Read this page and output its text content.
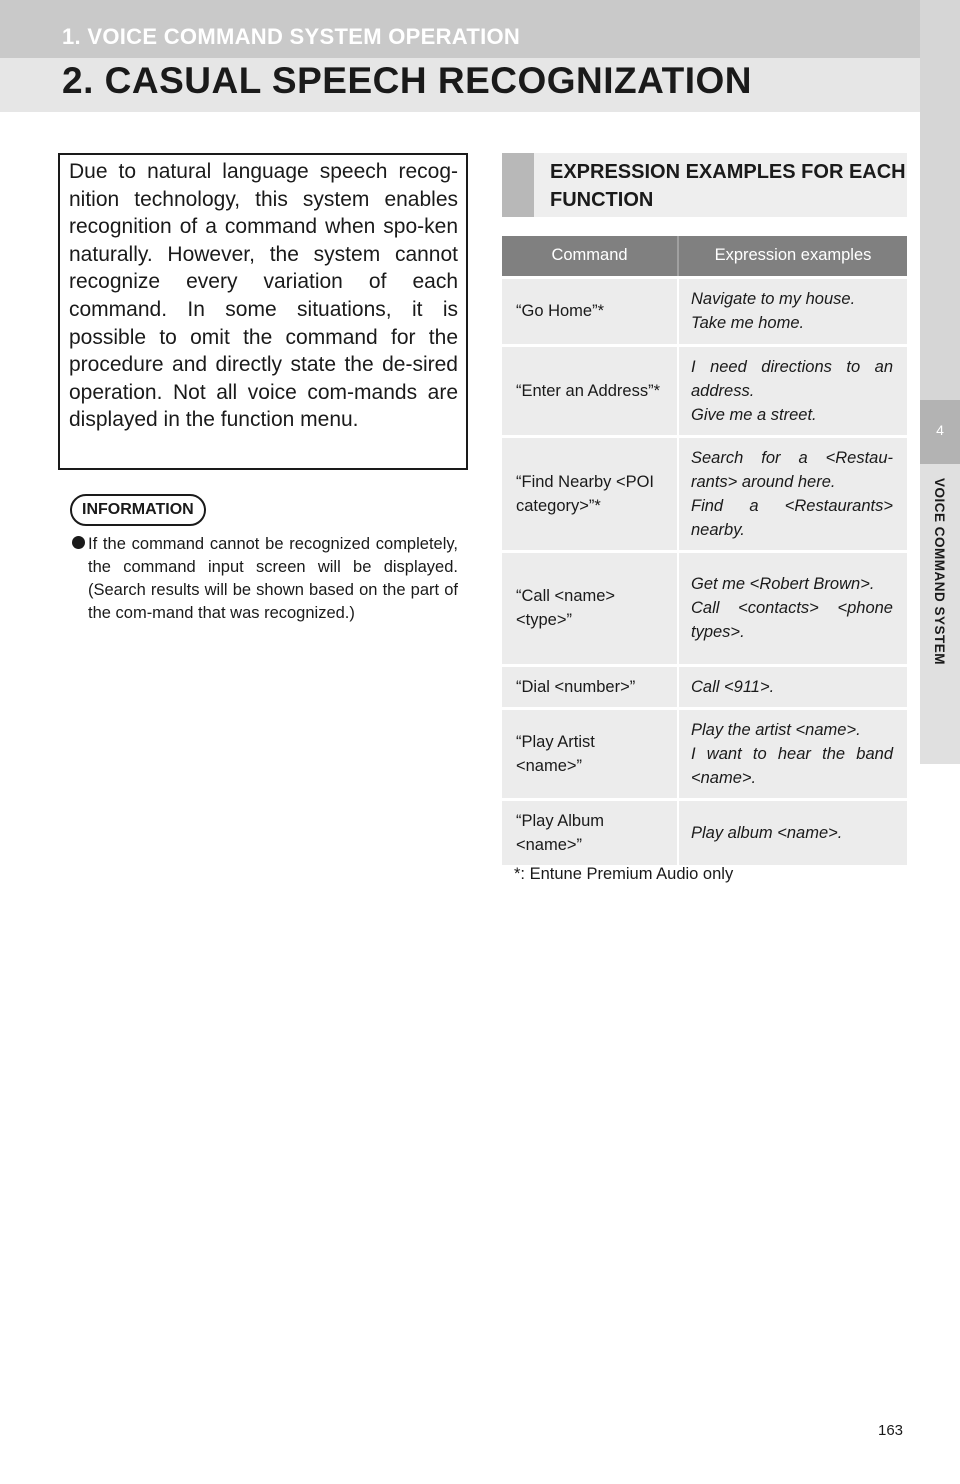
1. VOICE COMMAND SYSTEM OPERATION
2. CASUAL SPEECH RECOGNIZATION
4
VOICE COMMAND SYSTEM

Due to natural language speech recog-nition technology, this system enables recognition of a command when spo-ken naturally. However, the system cannot recognize every variation of each command. In some situations, it is possible to omit the command for the procedure and directly state the de-sired operation. Not all voice com-mands are displayed in the function menu.

INFORMATION

If the command cannot be recognized completely, the command input screen will be displayed. (Search results will be shown based on the part of the com-mand that was recognized.)

EXPRESSION EXAMPLES FOR EACH FUNCTION
Command	Expression examples
“Go Home”*	Navigate to my house.
Take me home.

“Enter an Address”*	I need directions to an address.
Give me a street.

“Find Nearby <POI category>”*	Search for a <Restau-rants> around here.
Find a <Restaurants> nearby.

“Call <name> <type>”	Get me <Robert Brown>.
Call <contacts> <phone types>.

“Dial <number>”	Call <911>.

“Play Artist <name>”	Play the artist <name>.
I want to hear the band <name>.

“Play Album <name>”	Play album <name>.
*: Entune Premium Audio only
163
